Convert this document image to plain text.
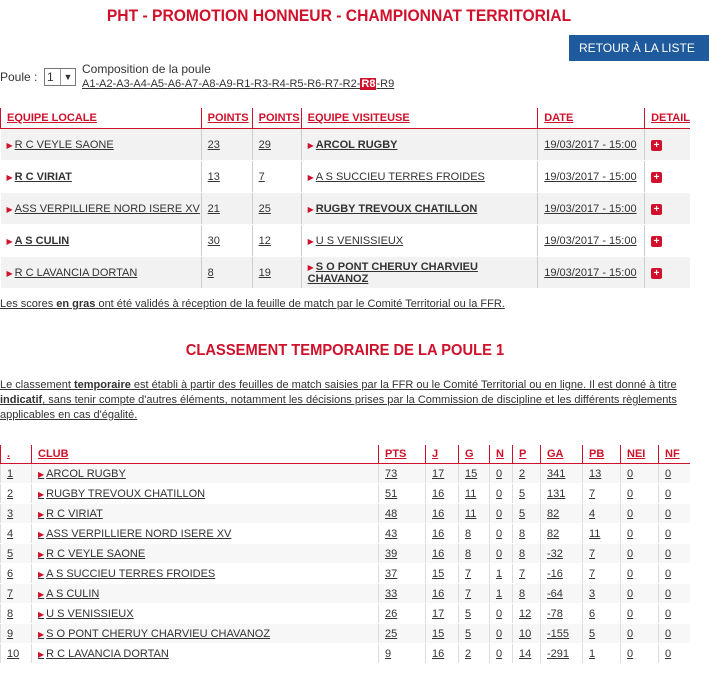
PHT - PROMOTION HONNEUR - CHAMPIONNAT TERRITORIAL
RETOUR À LA LISTE
Poule : 1	▼
Composition de la poule
A1-A2-A3-A4-A5-A6-A7-A8-A9-R1-R3-R4-R5-R6-R7-R2-R8-R9
EQUIPE LOCALE	POINTS	POINTS	EQUIPE VISITEUSE	DATE	DETAIL
▶ R C VEYLE SAONE	23	29	▶ ARCOL RUGBY	19/03/2017 - 15:00	+
▶ R C VIRIAT	13	7	▶ A S SUCCIEU TERRES FROIDES	19/03/2017 - 15:00	+
▶ ASS VERPILLIERE NORD ISERE XV	21	25	▶ RUGBY TREVOUX CHATILLON	19/03/2017 - 15:00	+
▶ A S CULIN	30	12	▶ U S VENISSIEUX	19/03/2017 - 15:00	+
▶ R C LAVANCIA DORTAN	8	19	▶ S O PONT CHERUY CHARVIEU CHAVANOZ	19/03/2017 - 15:00	+
Les scores en gras ont été validés à réception de la feuille de match par le Comité Territorial ou la FFR.
CLASSEMENT TEMPORAIRE DE LA POULE 1
Le classement temporaire est établi à partir des feuilles de match saisies par la FFR ou le Comité Territorial ou en ligne. Il est donné à titre indicatif, sans tenir compte d'autres éléments, notamment les décisions prises par la Commission de discipline et les différents règlements applicables en cas d'égalité.
.	CLUB	PTS	J	G	N	P	GA	PB	NEI	NF
1	▶ ARCOL RUGBY	73	17	15	0	2	341	13	0	0
2	▶ RUGBY TREVOUX CHATILLON	51	16	11	0	5	131	7	0	0
3	▶ R C VIRIAT	48	16	11	0	5	82	4	0	0
4	▶ ASS VERPILLIERE NORD ISERE XV	43	16	8	0	8	82	11	0	0
5	▶ R C VEYLE SAONE	39	16	8	0	8	-32	7	0	0
6	▶ A S SUCCIEU TERRES FROIDES	37	15	7	1	7	-16	7	0	0
7	▶ A S CULIN	33	16	7	1	8	-64	3	0	0
8	▶ U S VENISSIEUX	26	17	5	0	12	-78	6	0	0
9	▶ S O PONT CHERUY CHARVIEU CHAVANOZ	25	15	5	0	10	-155	5	0	0
10	▶ R C LAVANCIA DORTAN	9	16	2	0	14	-291	1	0	0
